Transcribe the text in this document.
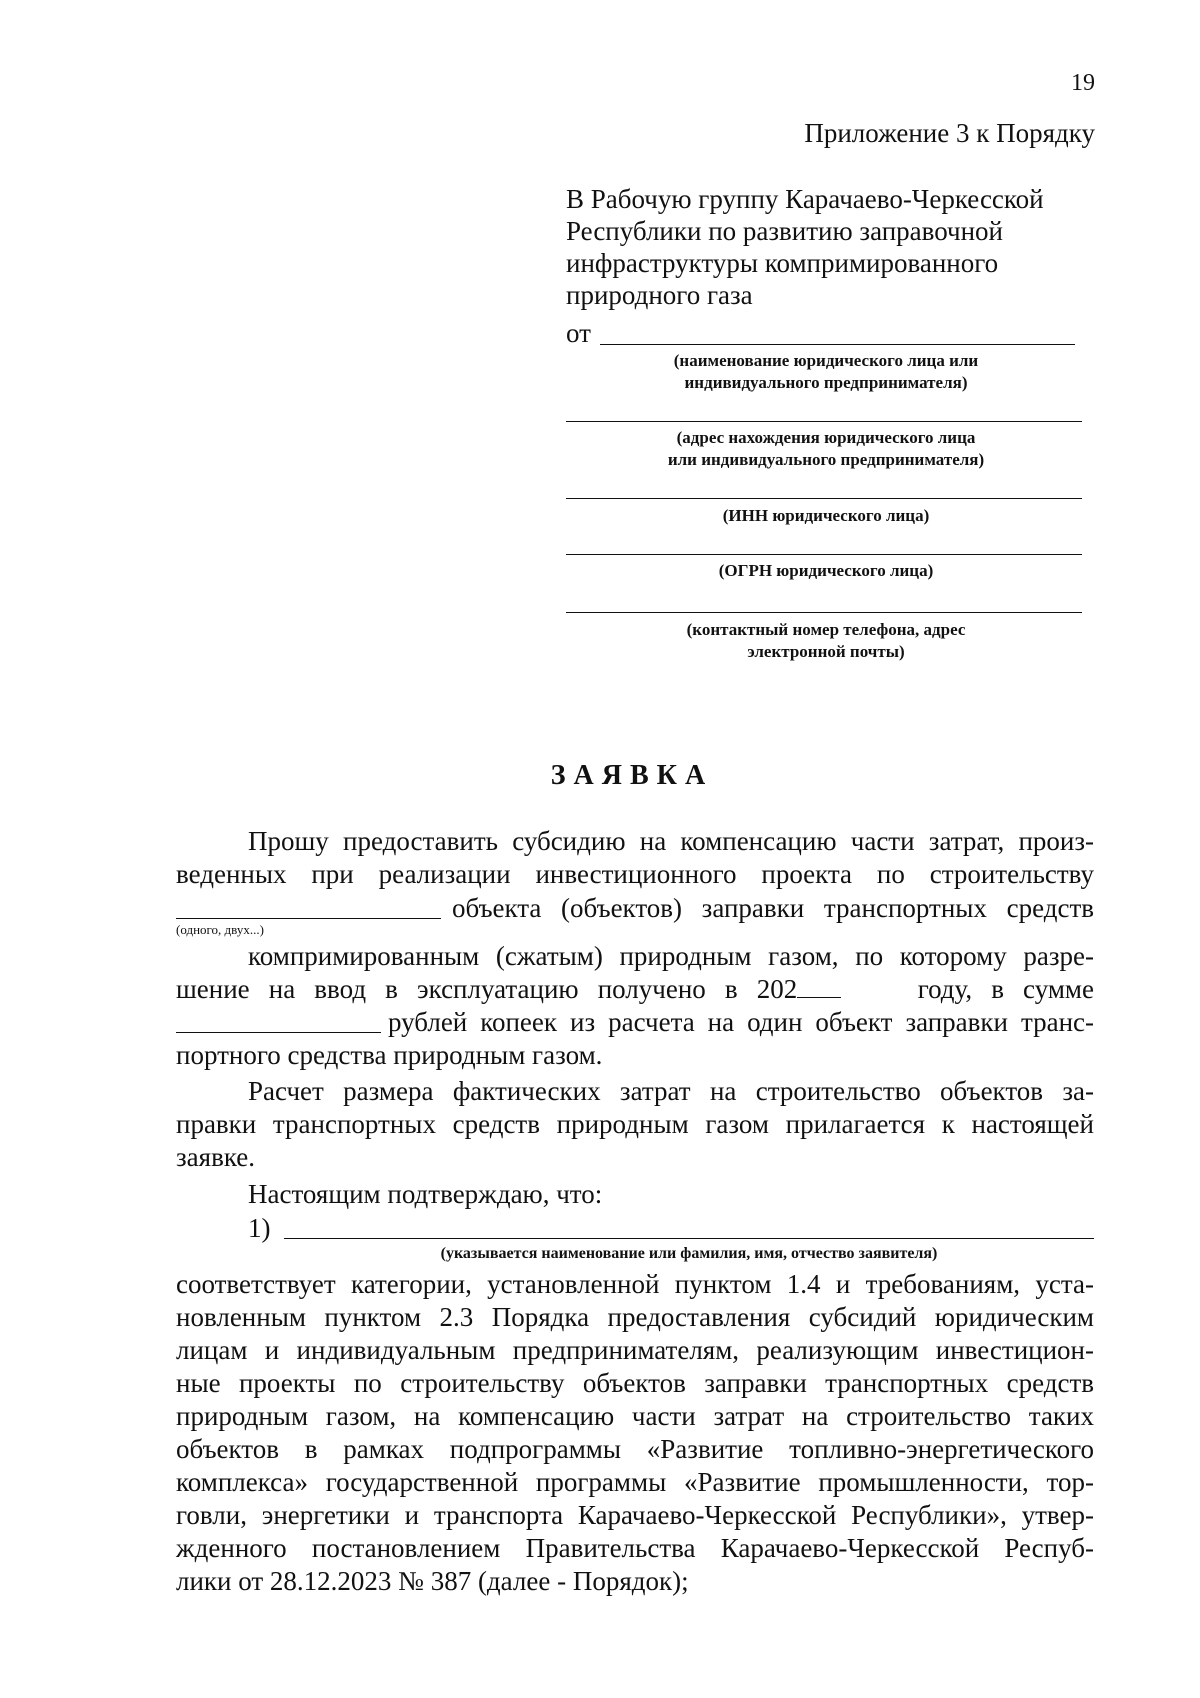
19
Приложение 3 к Порядку
В Рабочую группу Карачаево-Черкесской
Республики по развитию заправочной
инфраструктуры компримированного
природного газа
от
(наименование юридического лица или
индивидуального предпринимателя)
(адрес нахождения юридического лица
или индивидуального предпринимателя)
(ИНН юридического лица)
(ОГРН юридического лица)
(контактный номер телефона, адрес
электронной почты)
ЗАЯВКА
Прошу предоставить субсидию на компенсацию части затрат, произ-
веденных при реализации инвестиционного проекта по строительству
объекта (объектов) заправки транспортных средств
(одного, двух...)
компримированным (сжатым) природным газом, по которому разре-
шение на ввод в эксплуатацию получено в 202	году, в сумме
рублей копеек из расчета на один объект заправки транс-
портного средства природным газом.
Расчет размера фактических затрат на строительство объектов за-
правки транспортных средств природным газом прилагается к настоящей
заявке.
Настоящим подтверждаю, что:
1)
(указывается наименование или фамилия, имя, отчество заявителя)
соответствует категории, установленной пунктом 1.4 и требованиям, уста-
новленным пунктом 2.3 Порядка предоставления субсидий юридическим
лицам и индивидуальным предпринимателям, реализующим инвестицион-
ные проекты по строительству объектов заправки транспортных средств
природным газом, на компенсацию части затрат на строительство таких
объектов в рамках подпрограммы «Развитие топливно-энергетического
комплекса» государственной программы «Развитие промышленности, тор-
говли, энергетики и транспорта Карачаево-Черкесской Республики», утвер-
жденного постановлением Правительства Карачаево-Черкесской Респуб-
лики от 28.12.2023 № 387 (далее - Порядок);
